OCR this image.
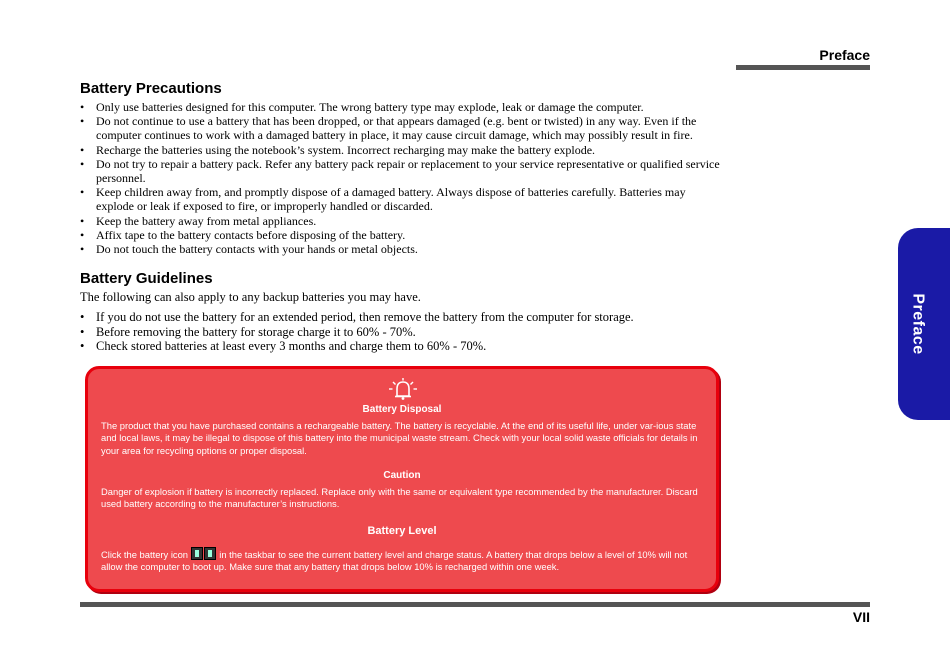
Preface
Preface
Battery Precautions
• Only use batteries designed for this computer. The wrong battery type may explode, leak or damage the computer.
• Do not continue to use a battery that has been dropped, or that appears damaged (e.g. bent or twisted) in any way. Even if the computer continues to work with a damaged battery in place, it may cause circuit damage, which may possibly result in fire.
• Recharge the batteries using the notebook’s system. Incorrect recharging may make the battery explode.
• Do not try to repair a battery pack. Refer any battery pack repair or replacement to your service representative or qualified service personnel.
• Keep children away from, and promptly dispose of a damaged battery. Always dispose of batteries carefully. Batteries may explode or leak if exposed to fire, or improperly handled or discarded.
• Keep the battery away from metal appliances.
• Affix tape to the battery contacts before disposing of the battery.
• Do not touch the battery contacts with your hands or metal objects.
Battery Guidelines
The following can also apply to any backup batteries you may have.
• If you do not use the battery for an extended period, then remove the battery from the computer for storage.
• Before removing the battery for storage charge it to 60% - 70%.
• Check stored batteries at least every 3 months and charge them to 60% - 70%.
Battery Disposal
The product that you have purchased contains a rechargeable battery. The battery is recyclable. At the end of its useful life, under var-ious state and local laws, it may be illegal to dispose of this battery into the municipal waste stream. Check with your local solid waste officials for details in your area for recycling options or proper disposal.
Caution
Danger of explosion if battery is incorrectly replaced. Replace only with the same or equivalent type recommended by the manufacturer. Discard used battery according to the manufacturer’s instructions.
Battery Level
Click the battery icon	in the taskbar to see the current battery level and charge status. A battery that drops below a level of 10% will not allow the computer to boot up. Make sure that any battery that drops below 10% is recharged within one week.
VII
